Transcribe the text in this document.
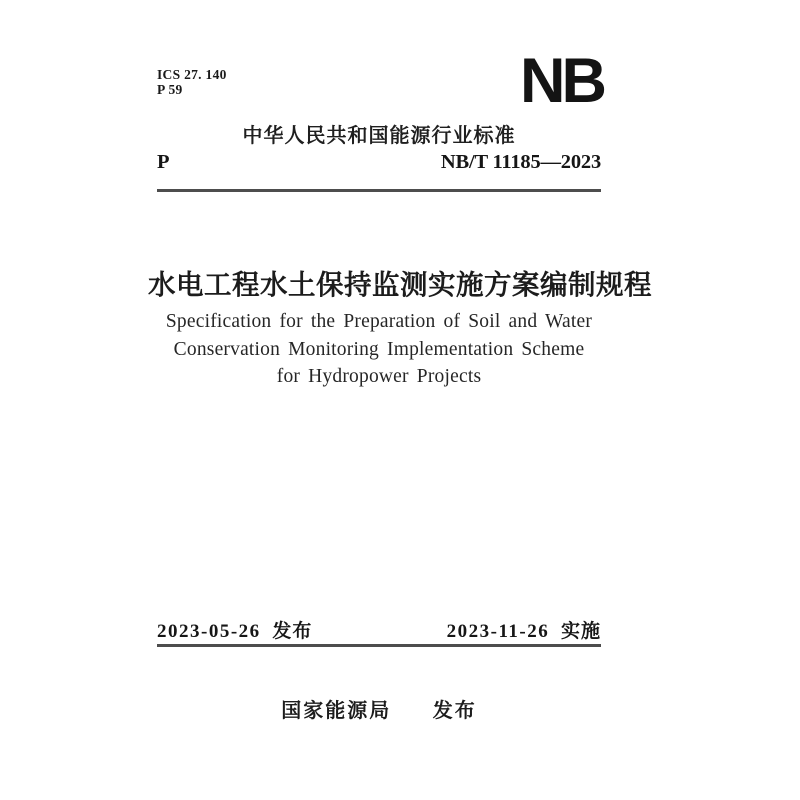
ICS 27. 140
P 59	NB
中华人民共和国能源行业标准
P	NB/T 11185—2023
水电工程水土保持监测实施方案编制规程
Specification for the Preparation of Soil and Water
Conservation Monitoring Implementation Scheme
for Hydropower Projects
2023-05-26 发布	2023-11-26 实施
国家能源局 发布
